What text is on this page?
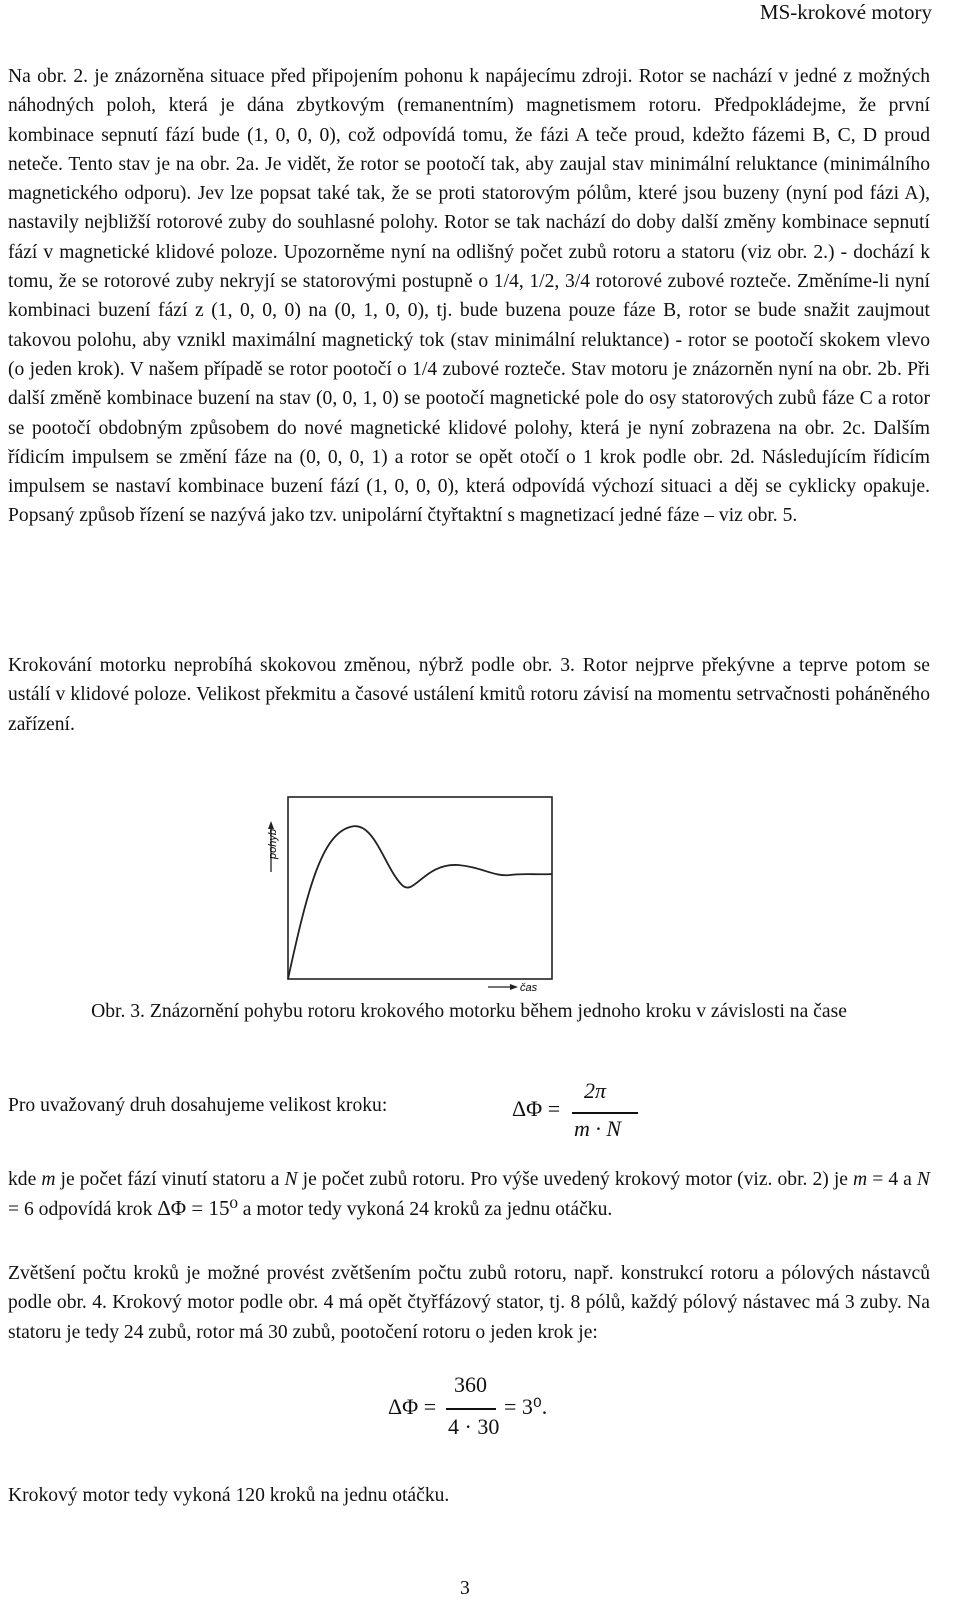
MS-krokové motory

Na obr. 2. je znázorněna situace před připojením pohonu k napájecímu zdroji. Rotor se nachází v jedné z možných náhodných poloh, která je dána zbytkovým (remanentním) magnetismem rotoru. Předpokládejme, že první kombinace sepnutí fází bude (1, 0, 0, 0), což odpovídá tomu, že fázi A teče proud, kdežto fázemi B, C, D proud neteče. Tento stav je na obr. 2a. Je vidět, že rotor se pootočí tak, aby zaujal stav minimální reluktance (minimálního magnetického odporu). Jev lze popsat také tak, že se proti statorovým pólům, které jsou buzeny (nyní pod fázi A), nastavily nejbližší rotorové zuby do souhlasné polohy. Rotor se tak nachází do doby další změny kombinace sepnutí fází v magnetické klidové poloze. Upozorněme nyní na odlišný počet zubů rotoru a statoru (viz obr. 2.) - dochází k tomu, že se rotorové zuby nekryjí se statorovými postupně o 1/4, 1/2, 3/4 rotorové zubové rozteče. Změníme-li nyní kombinaci buzení fází z (1, 0, 0, 0) na (0, 1, 0, 0), tj. bude buzena pouze fáze B, rotor se bude snažit zaujmout takovou polohu, aby vznikl maximální magnetický tok (stav minimální reluktance) - rotor se pootočí skokem vlevo (o jeden krok). V našem případě se rotor pootočí o 1/4 zubové rozteče. Stav motoru je znázorněn nyní na obr. 2b. Při další změně kombinace buzení na stav (0, 0, 1, 0) se pootočí magnetické pole do osy statorových zubů fáze C a rotor se pootočí obdobným způsobem do nové magnetické klidové polohy, která je nyní zobrazena na obr. 2c. Dalším řídicím impulsem se změní fáze na (0, 0, 0, 1) a rotor se opět otočí o 1 krok podle obr. 2d. Následujícím řídicím impulsem se nastaví kombinace buzení fází (1, 0, 0, 0), která odpovídá výchozí situaci a děj se cyklicky opakuje. Popsaný způsob řízení se nazývá jako tzv. unipolární čtyřtaktní s magnetizací jedné fáze – viz obr. 5.

Krokování motorku neprobíhá skokovou změnou, nýbrž podle obr. 3. Rotor nejprve překývne a teprve potom se ustálí v klidové poloze. Velikost překmitu a časové ustálení kmitů rotoru závisí na momentu setrvačnosti poháněného zařízení.

pohyb
čas

Obr. 3. Znázornění pohybu rotoru krokového motorku během jednoho kroku v závislosti na čase

Pro uvažovaný druh dosahujeme velikost kroku:	ΔΦ =
2π
m · N

kde m je počet fází vinutí statoru a N je počet zubů rotoru. Pro výše uvedený krokový motor (viz. obr. 2) je m = 4 a N = 6 odpovídá krok ΔΦ = 15⁰ a motor tedy vykoná 24 kroků za jednu otáčku.

Zvětšení počtu kroků je možné provést zvětšením počtu zubů rotoru, např. konstrukcí rotoru a pólových nástavců podle obr. 4. Krokový motor podle obr. 4 má opět čtyřfázový stator, tj. 8 pólů, každý pólový nástavec má 3 zuby. Na statoru je tedy 24 zubů, rotor má 30 zubů, pootočení rotoru o jeden krok je:

ΔΦ =
360
4 · 30
= 3⁰.
Krokový motor tedy vykoná 120 kroků na jednu otáčku.
3
